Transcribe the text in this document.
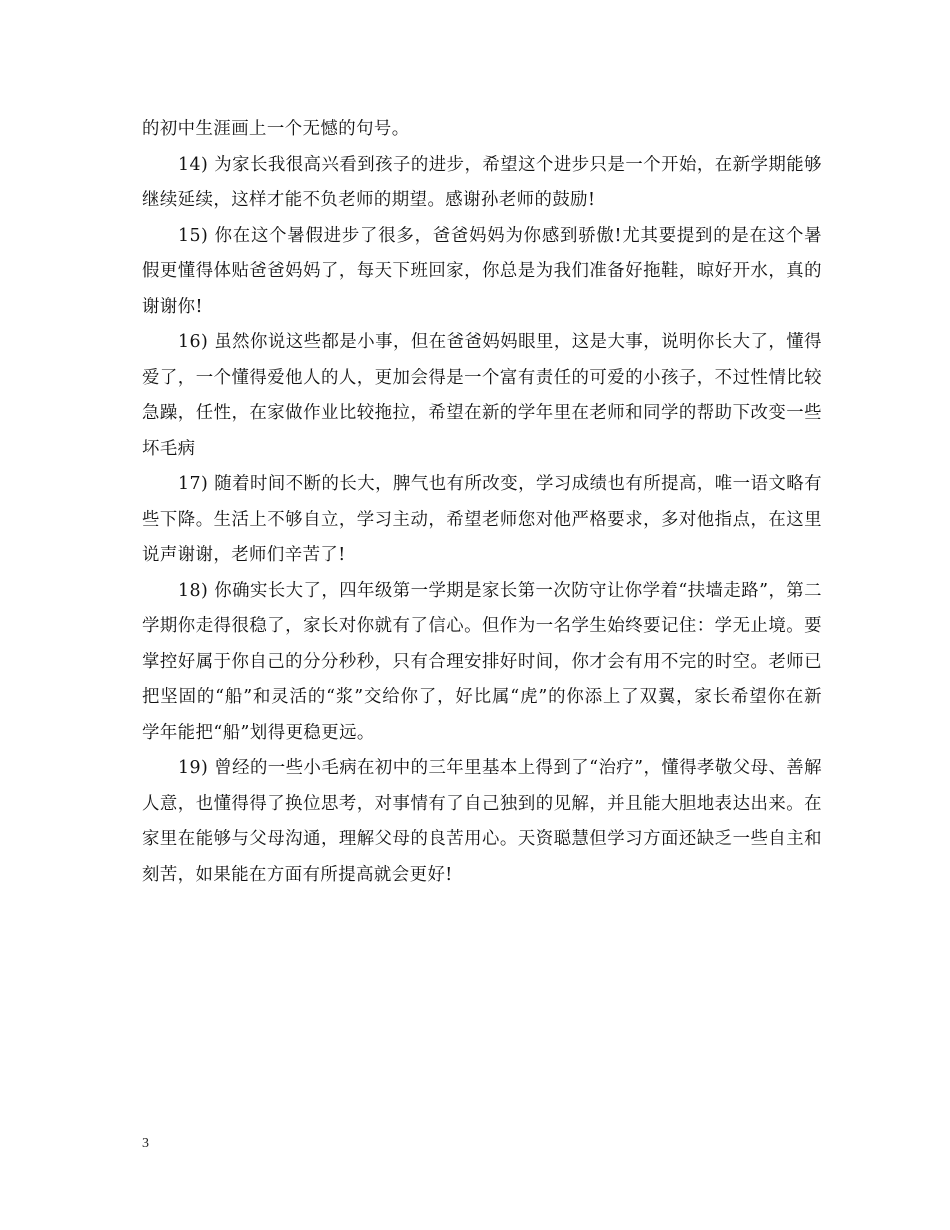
的初中生涯画上一个无憾的句号。

14) 为家长我很高兴看到孩子的进步，希望这个进步只是一个开始，在新学期能够继续延续，这样才能不负老师的期望。感谢孙老师的鼓励!

15) 你在这个暑假进步了很多，爸爸妈妈为你感到骄傲!尤其要提到的是在这个暑假更懂得体贴爸爸妈妈了，每天下班回家，你总是为我们准备好拖鞋，晾好开水，真的谢谢你!

16) 虽然你说这些都是小事，但在爸爸妈妈眼里，这是大事，说明你长大了，懂得爱了，一个懂得爱他人的人，更加会得是一个富有责任的可爱的小孩子，不过性情比较急躁，任性，在家做作业比较拖拉，希望在新的学年里在老师和同学的帮助下改变一些坏毛病

17) 随着时间不断的长大，脾气也有所改变，学习成绩也有所提高，唯一语文略有些下降。生活上不够自立，学习主动，希望老师您对他严格要求，多对他指点，在这里说声谢谢，老师们辛苦了!

18) 你确实长大了，四年级第一学期是家长第一次防守让你学着“扶墙走路”，第二学期你走得很稳了，家长对你就有了信心。但作为一名学生始终要记住：学无止境。要掌控好属于你自己的分分秒秒，只有合理安排好时间，你才会有用不完的时空。老师已把坚固的“船”和灵活的“浆”交给你了，好比属“虎”的你添上了双翼，家长希望你在新学年能把“船”划得更稳更远。

19) 曾经的一些小毛病在初中的三年里基本上得到了“治疗”，懂得孝敬父母、善解人意，也懂得得了换位思考，对事情有了自己独到的见解，并且能大胆地表达出来。在家里在能够与父母沟通，理解父母的良苦用心。天资聪慧但学习方面还缺乏一些自主和刻苦，如果能在方面有所提高就会更好!

3
